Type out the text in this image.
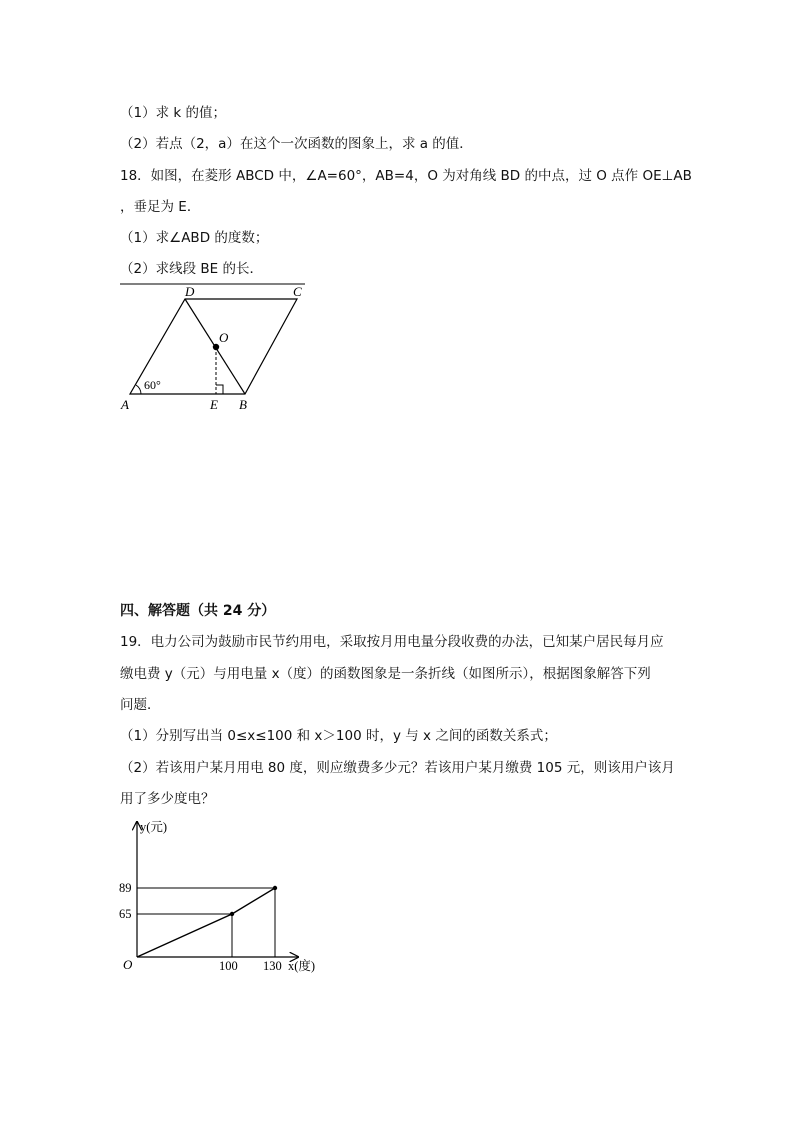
（1）求 k 的值；
（2）若点（2，a）在这个一次函数的图象上，求 a 的值．
18．如图，在菱形 ABCD 中，∠A=60°，AB=4，O 为对角线 BD 的中点，过 O 点作 OE⊥AB
，垂足为 E．
（1）求∠ABD 的度数；
（2）求线段 BE 的长．
D	C
O
A	E B
60°
四、解答题（共 24 分）
19．电力公司为鼓励市民节约用电，采取按月用电量分段收费的办法，已知某户居民每月应
缴电费 y（元）与用电量 x（度）的函数图象是一条折线（如图所示），根据图象解答下列
问题．
（1）分别写出当 0≤x≤100 和 x＞100 时，y 与 x 之间的函数关系式；
（2）若该用户某月用电 80 度，则应缴费多少元？若该用户某月缴费 105 元，则该用户该月
用了多少度电？
y(元)
89
65
O	100 130 x(度)
